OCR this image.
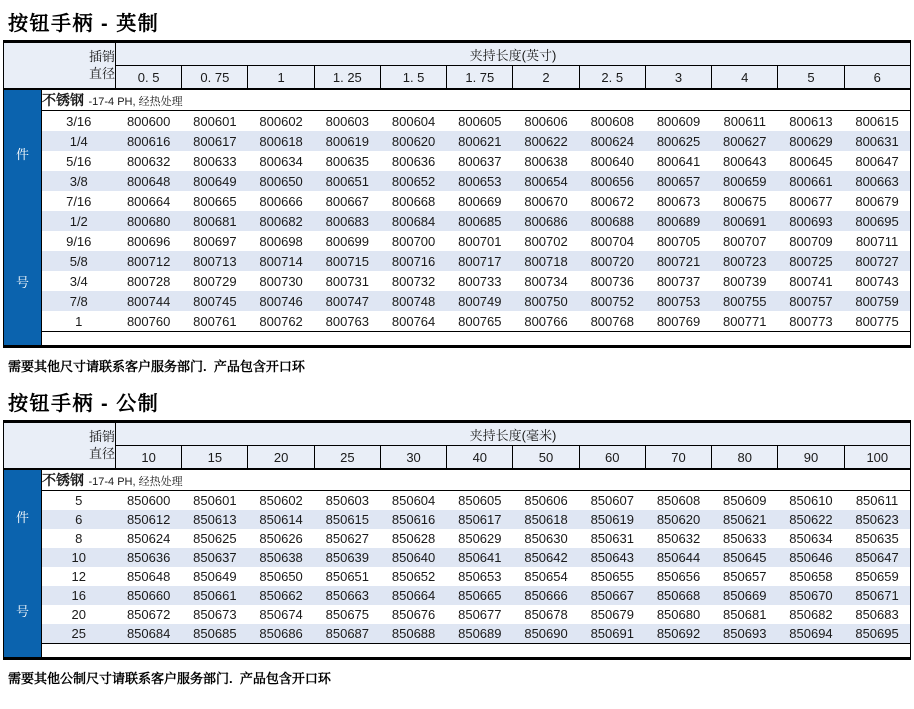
按钮手柄 - 英制
插销
直径		夹持长度(英寸)											
		0. 5	0. 75	1	1. 25	1. 5	1. 75	2	2. 5	3	4	5	6

件
号	不锈钢 -17-4 PH, 经热处理												
	3/16	800600	800601	800602	800603	800604	800605	800606	800608	800609	800611	800613	800615
	1/4	800616	800617	800618	800619	800620	800621	800622	800624	800625	800627	800629	800631
	5/16	800632	800633	800634	800635	800636	800637	800638	800640	800641	800643	800645	800647
	3/8	800648	800649	800650	800651	800652	800653	800654	800656	800657	800659	800661	800663
	7/16	800664	800665	800666	800667	800668	800669	800670	800672	800673	800675	800677	800679
	1/2	800680	800681	800682	800683	800684	800685	800686	800688	800689	800691	800693	800695
	9/16	800696	800697	800698	800699	800700	800701	800702	800704	800705	800707	800709	800711
	5/8	800712	800713	800714	800715	800716	800717	800718	800720	800721	800723	800725	800727
	3/4	800728	800729	800730	800731	800732	800733	800734	800736	800737	800739	800741	800743
	7/8	800744	800745	800746	800747	800748	800749	800750	800752	800753	800755	800757	800759
	1	800760	800761	800762	800763	800764	800765	800766	800768	800769	800771	800773	800775

需要其他尺寸请联系客户服务部门.  产品包含开口环

按钮手柄 - 公制
插销
直径		夹持长度(毫米)											
		10	15	20	25	30	40	50	60	70	80	90	100

件
号	不锈钢 -17-4 PH, 经热处理												
	5	850600	850601	850602	850603	850604	850605	850606	850607	850608	850609	850610	850611
	6	850612	850613	850614	850615	850616	850617	850618	850619	850620	850621	850622	850623
	8	850624	850625	850626	850627	850628	850629	850630	850631	850632	850633	850634	850635
	10	850636	850637	850638	850639	850640	850641	850642	850643	850644	850645	850646	850647
	12	850648	850649	850650	850651	850652	850653	850654	850655	850656	850657	850658	850659
	16	850660	850661	850662	850663	850664	850665	850666	850667	850668	850669	850670	850671
	20	850672	850673	850674	850675	850676	850677	850678	850679	850680	850681	850682	850683
	25	850684	850685	850686	850687	850688	850689	850690	850691	850692	850693	850694	850695

需要其他公制尺寸请联系客户服务部门.  产品包含开口环
